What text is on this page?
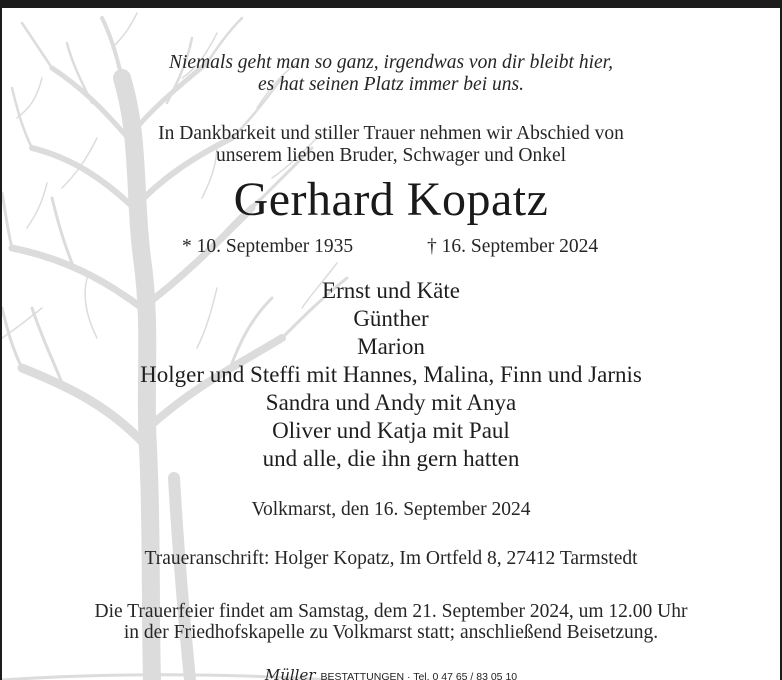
Niemals geht man so ganz, irgendwas von dir bleibt hier,
es hat seinen Platz immer bei uns.
In Dankbarkeit und stiller Trauer nehmen wir Abschied von
unserem lieben Bruder, Schwager und Onkel
Gerhard Kopatz
* 10. September 1935	† 16. September 2024
Ernst und Käte
Günther
Marion
Holger und Steffi mit Hannes, Malina, Finn und Jarnis
Sandra und Andy mit Anya
Oliver und Katja mit Paul
und alle, die ihn gern hatten
Volkmarst, den 16. September 2024
Traueranschrift: Holger Kopatz, Im Ortfeld 8, 27412 Tarmstedt
Die Trauerfeier findet am Samstag, dem 21. September 2024, um 12.00 Uhr
in der Friedhofskapelle zu Volkmarst statt; anschließend Beisetzung.
Müller BESTATTUNGEN · Tel. 0 47 65 / 83 05 10
